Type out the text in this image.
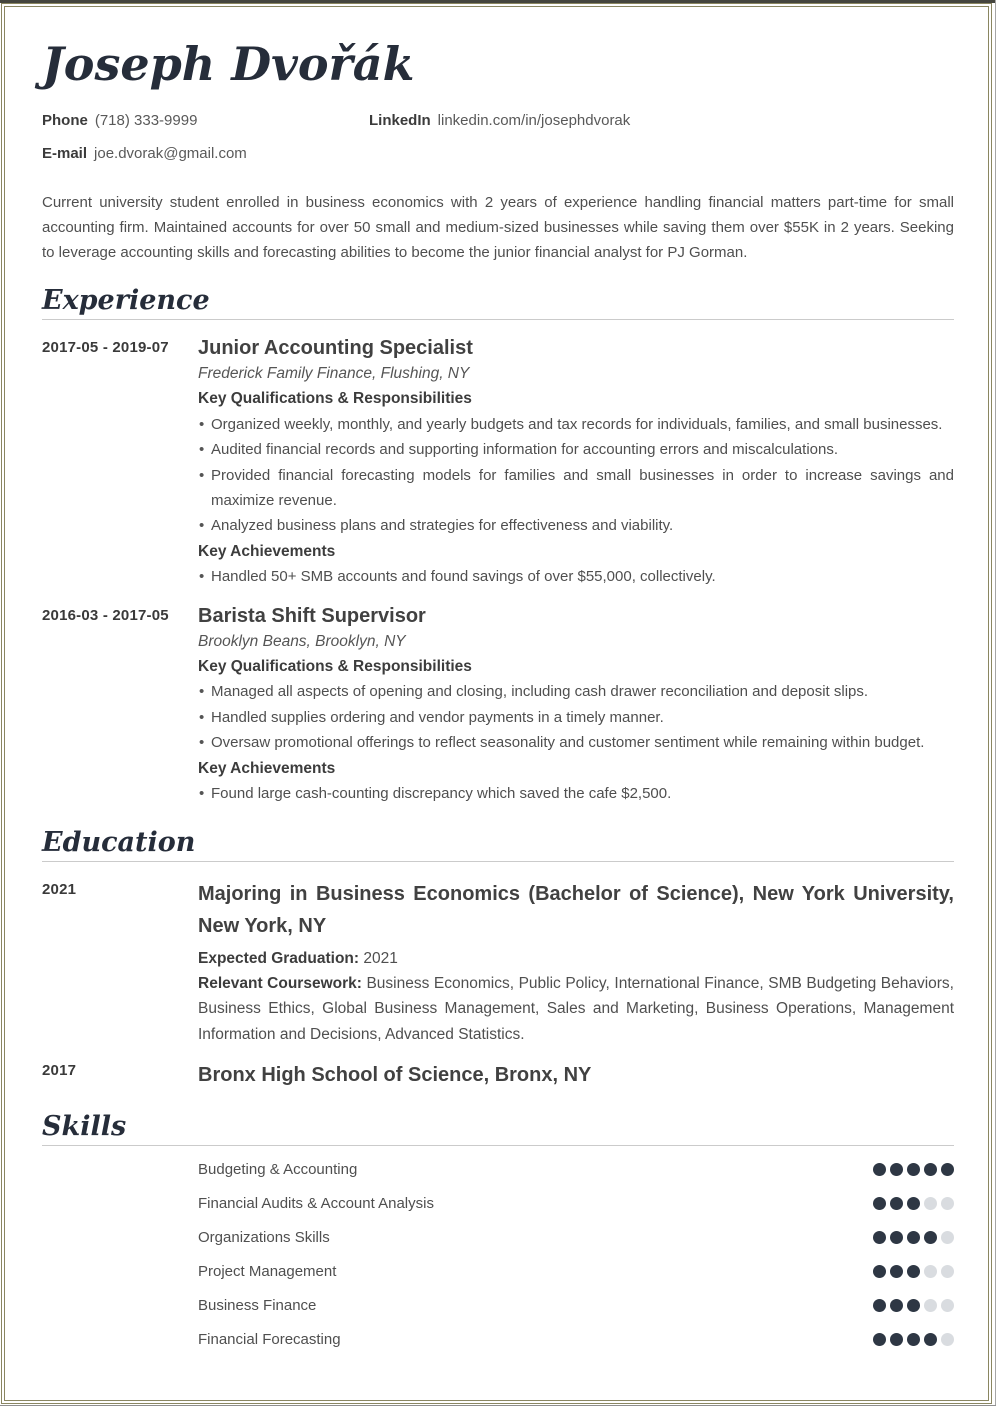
Joseph Dvořák
Phone (718) 333-9999	LinkedIn linkedin.com/in/josephdvorak
E-mail joe.dvorak@gmail.com
Current university student enrolled in business economics with 2 years of experience handling financial matters part-time for small accounting firm. Maintained accounts for over 50 small and medium-sized businesses while saving them over $55K in 2 years. Seeking to leverage accounting skills and forecasting abilities to become the junior financial analyst for PJ Gorman.
Experience
2017-05 - 2019-07	Junior Accounting Specialist
Frederick Family Finance, Flushing, NY
Key Qualifications & Responsibilities
• Organized weekly, monthly, and yearly budgets and tax records for individuals, families, and small businesses.
• Audited financial records and supporting information for accounting errors and miscalculations.
• Provided financial forecasting models for families and small businesses in order to increase savings and maximize revenue.
• Analyzed business plans and strategies for effectiveness and viability.
Key Achievements
• Handled 50+ SMB accounts and found savings of over $55,000, collectively.
2016-03 - 2017-05	Barista Shift Supervisor
Brooklyn Beans, Brooklyn, NY
Key Qualifications & Responsibilities
• Managed all aspects of opening and closing, including cash drawer reconciliation and deposit slips.
• Handled supplies ordering and vendor payments in a timely manner.
• Oversaw promotional offerings to reflect seasonality and customer sentiment while remaining within budget.
Key Achievements
• Found large cash-counting discrepancy which saved the cafe $2,500.
Education
2021	Majoring in Business Economics (Bachelor of Science), New York University, New York, NY
Expected Graduation: 2021
Relevant Coursework: Business Economics, Public Policy, International Finance, SMB Budgeting Behaviors, Business Ethics, Global Business Management, Sales and Marketing, Business Operations, Management Information and Decisions, Advanced Statistics.
2017	Bronx High School of Science, Bronx, NY
Skills
Budgeting & Accounting
Financial Audits & Account Analysis
Organizations Skills
Project Management
Business Finance
Financial Forecasting
